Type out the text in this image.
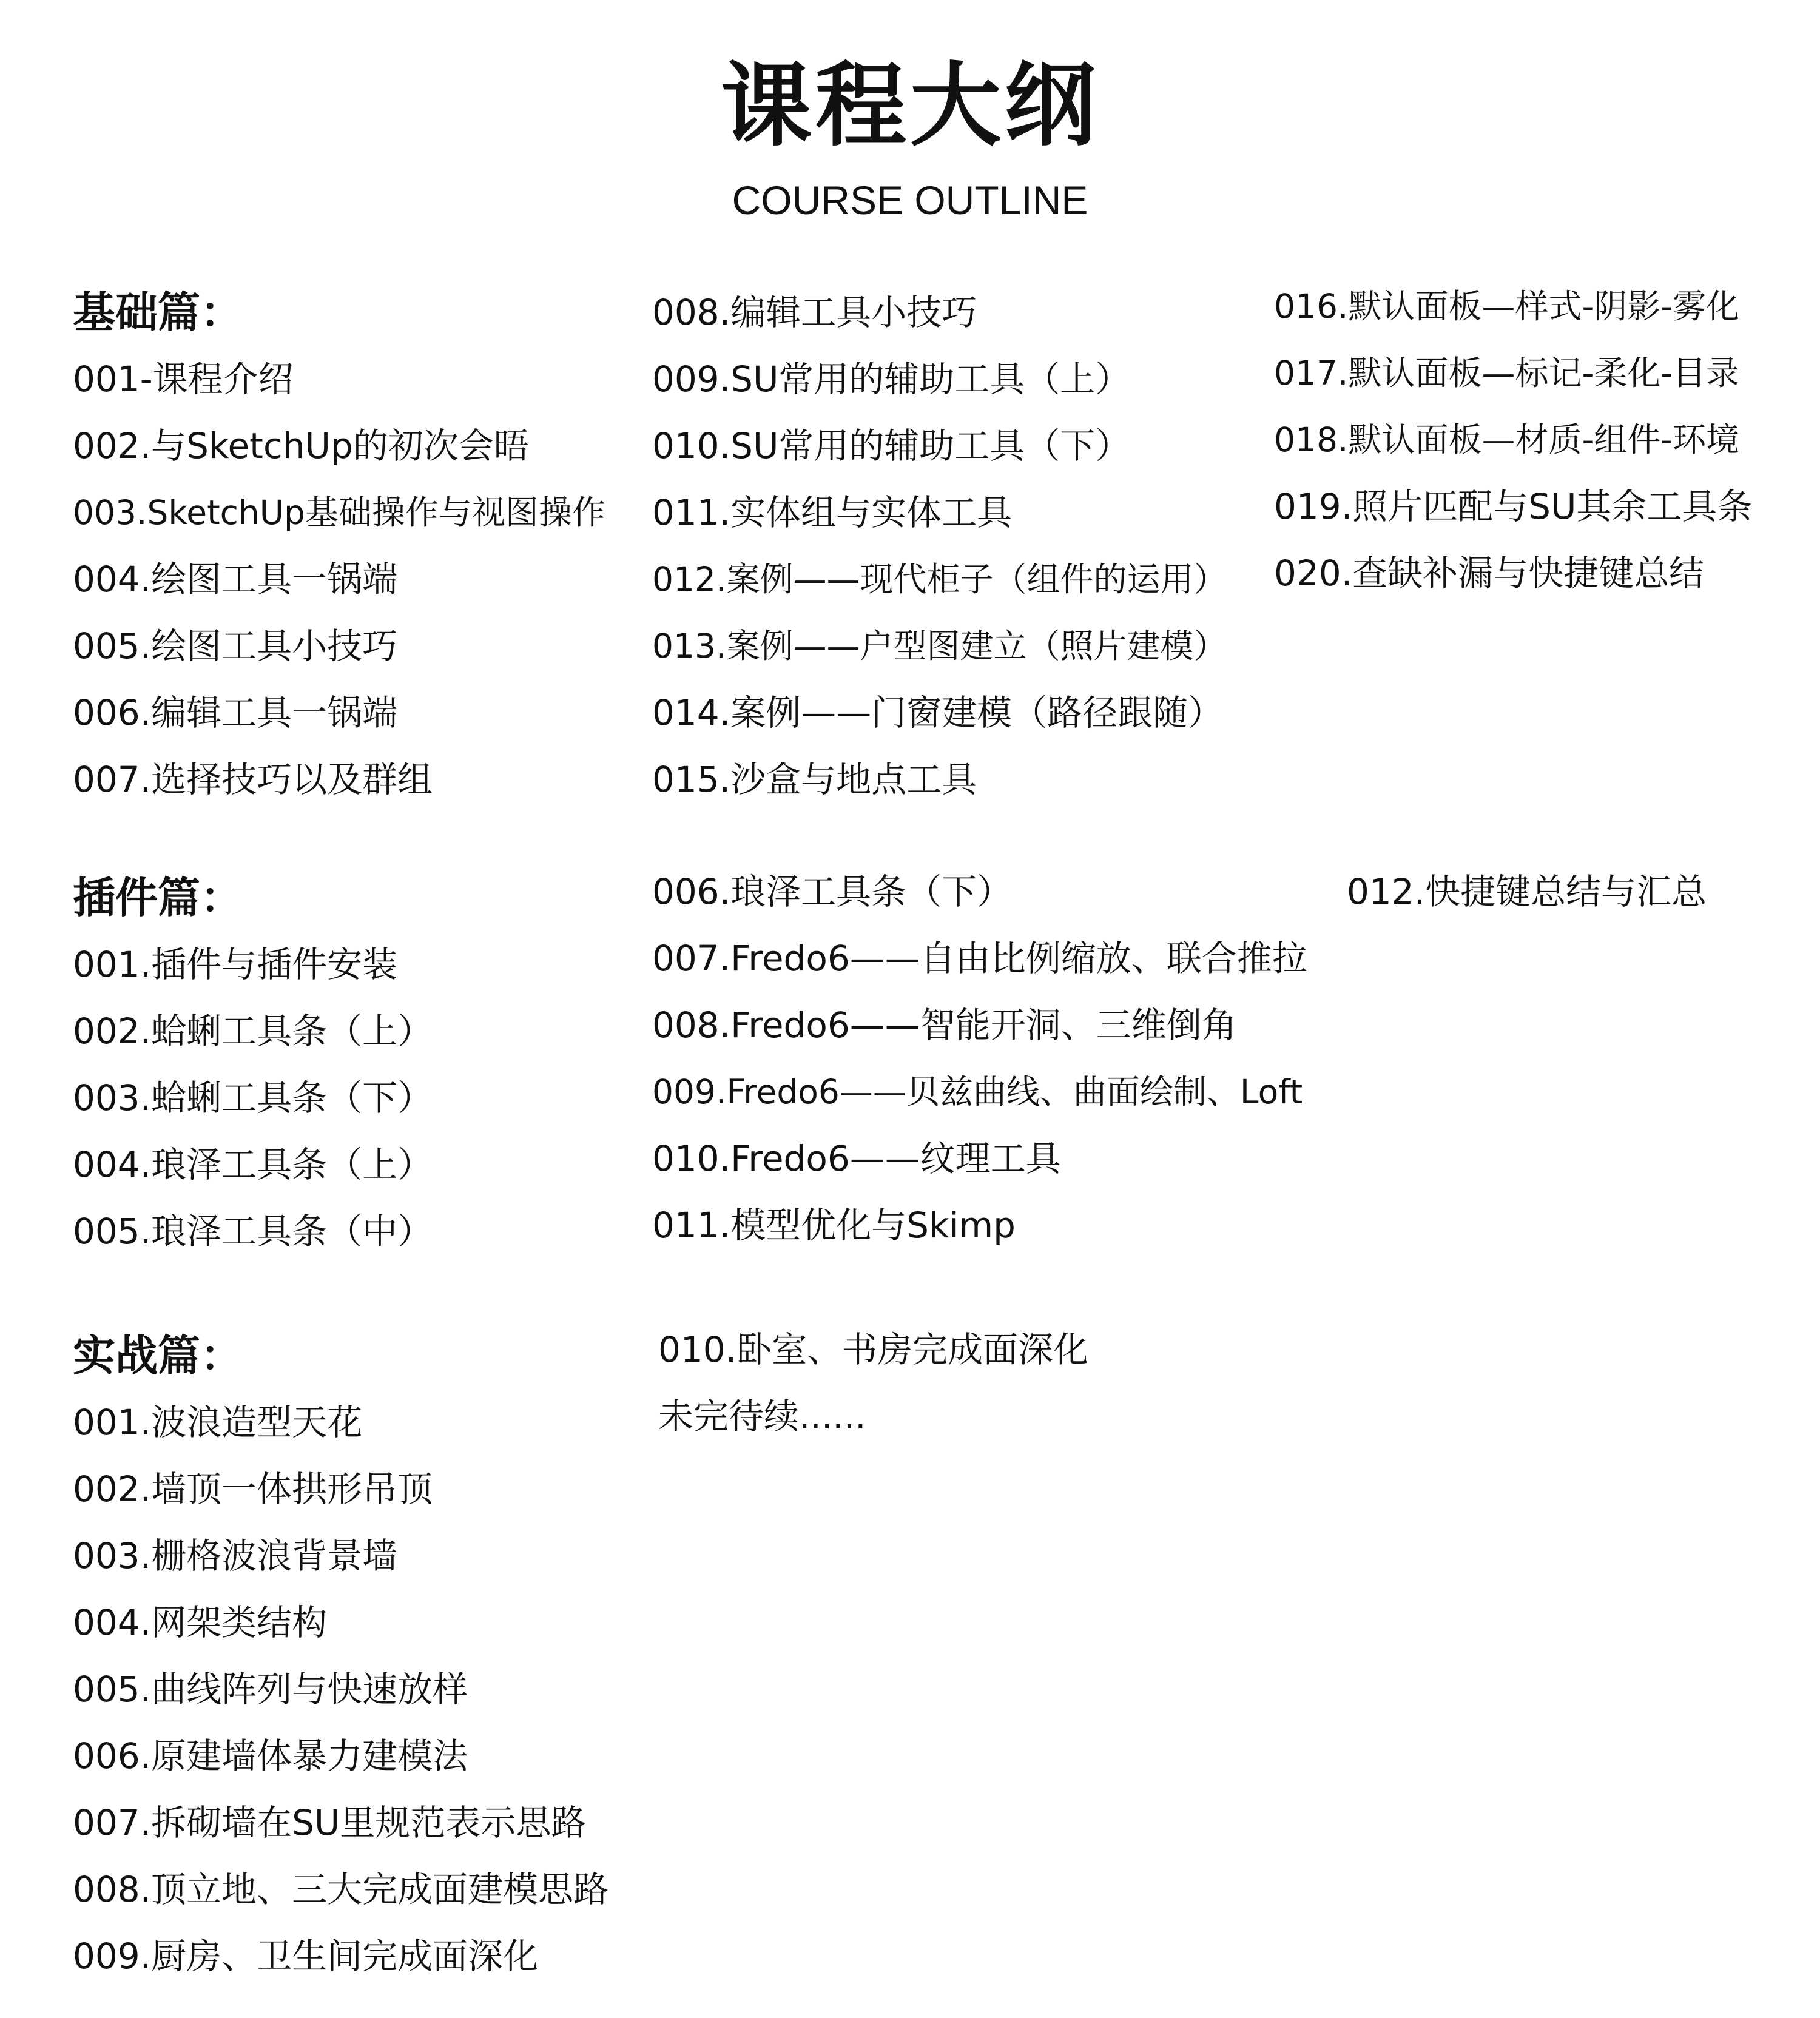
课程大纲
COURSE OUTLINE
基础篇：
001-课程介绍
002.与SketchUp的初次会晤
003.SketchUp基础操作与视图操作
004.绘图工具一锅端
005.绘图工具小技巧
006.编辑工具一锅端
007.选择技巧以及群组
008.编辑工具小技巧
009.SU常用的辅助工具（上）
010.SU常用的辅助工具（下）
011.实体组与实体工具
012.案例——现代柜子（组件的运用）
013.案例——户型图建立（照片建模）
014.案例——门窗建模（路径跟随）
015.沙盒与地点工具
016.默认面板—样式-阴影-雾化
017.默认面板—标记-柔化-目录
018.默认面板—材质-组件-环境
019.照片匹配与SU其余工具条
020.查缺补漏与快捷键总结
插件篇：
001.插件与插件安装
002.蛤蜊工具条（上）
003.蛤蜊工具条（下）
004.琅泽工具条（上）
005.琅泽工具条（中）
006.琅泽工具条（下）
007.Fredo6——自由比例缩放、联合推拉
008.Fredo6——智能开洞、三维倒角
009.Fredo6——贝兹曲线、曲面绘制、Loft
010.Fredo6——纹理工具
011.模型优化与Skimp
012.快捷键总结与汇总
实战篇：
001.波浪造型天花
002.墙顶一体拱形吊顶
003.栅格波浪背景墙
004.网架类结构
005.曲线阵列与快速放样
006.原建墙体暴力建模法
007.拆砌墙在SU里规范表示思路
008.顶立地、三大完成面建模思路
009.厨房、卫生间完成面深化
010.卧室、书房完成面深化
未完待续......
